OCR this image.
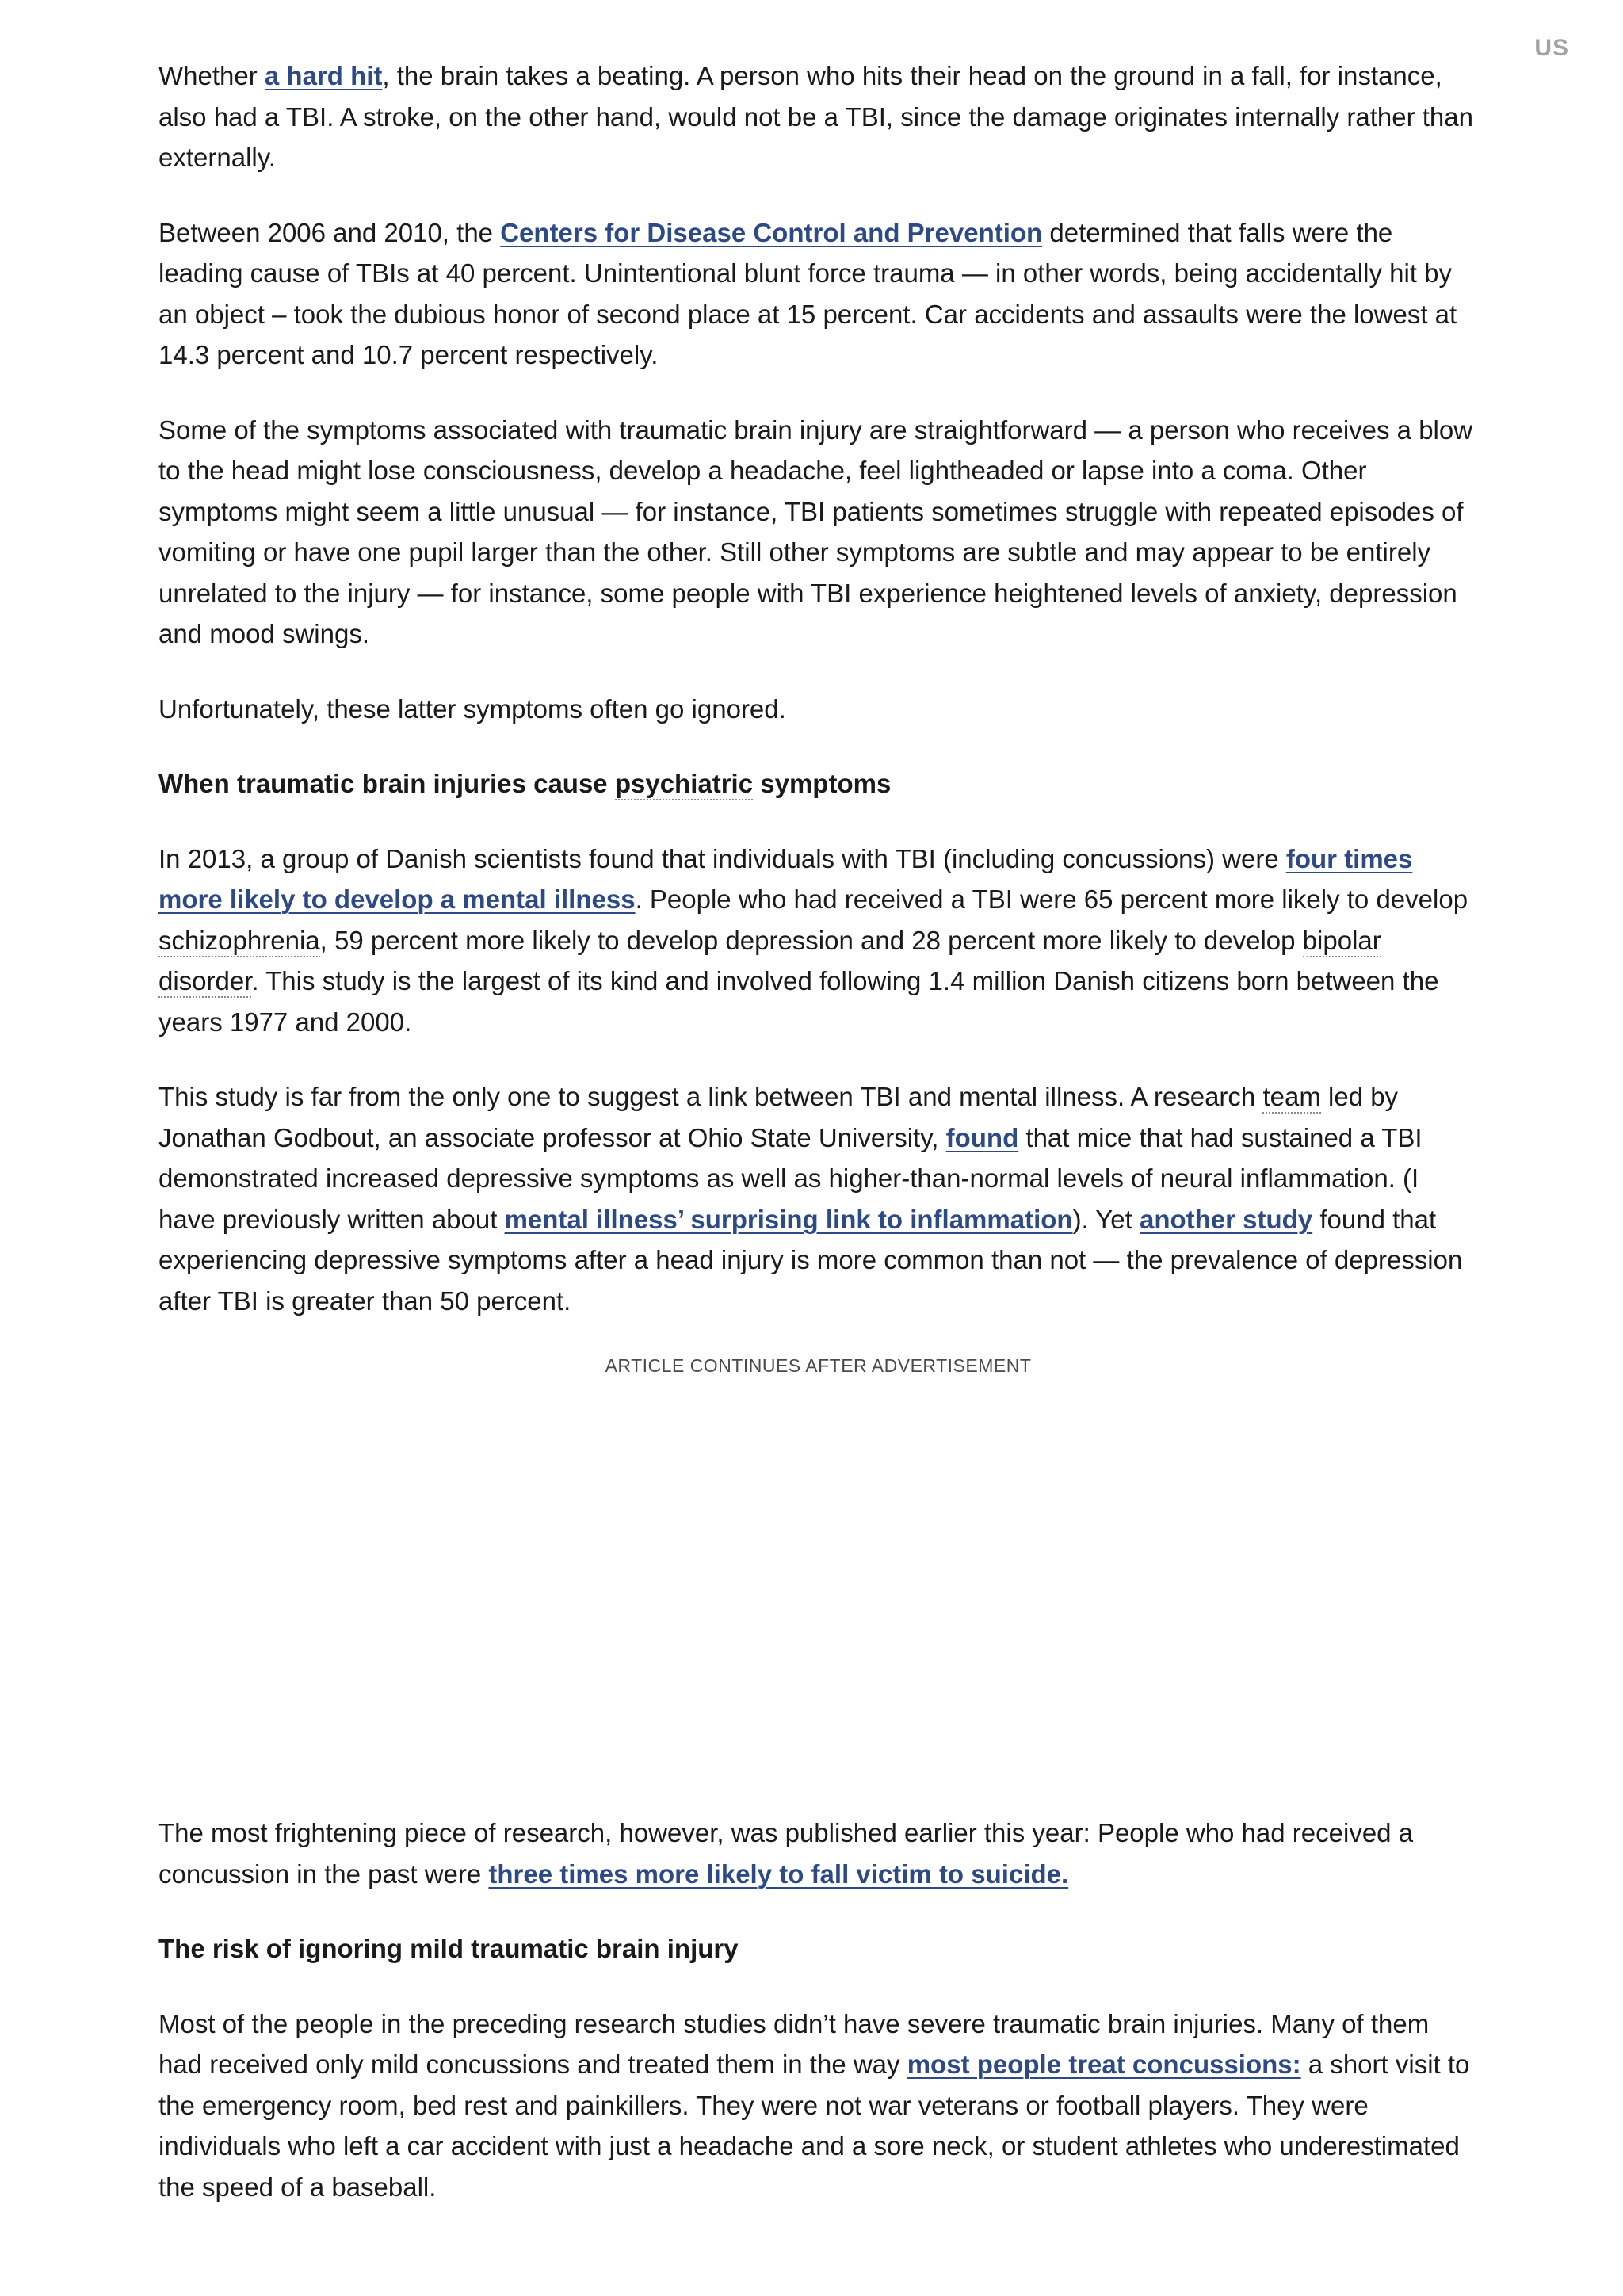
US

Whether a hard hit, the brain takes a beating. A person who hits their head on the ground in a fall, for instance, also had a TBI. A stroke, on the other hand, would not be a TBI, since the damage originates internally rather than externally.

Between 2006 and 2010, the Centers for Disease Control and Prevention determined that falls were the leading cause of TBIs at 40 percent. Unintentional blunt force trauma — in other words, being accidentally hit by an object – took the dubious honor of second place at 15 percent. Car accidents and assaults were the lowest at 14.3 percent and 10.7 percent respectively.

Some of the symptoms associated with traumatic brain injury are straightforward — a person who receives a blow to the head might lose consciousness, develop a headache, feel lightheaded or lapse into a coma. Other symptoms might seem a little unusual — for instance, TBI patients sometimes struggle with repeated episodes of vomiting or have one pupil larger than the other. Still other symptoms are subtle and may appear to be entirely unrelated to the injury — for instance, some people with TBI experience heightened levels of anxiety, depression and mood swings.

Unfortunately, these latter symptoms often go ignored.

When traumatic brain injuries cause psychiatric symptoms

In 2013, a group of Danish scientists found that individuals with TBI (including concussions) were four times more likely to develop a mental illness. People who had received a TBI were 65 percent more likely to develop schizophrenia, 59 percent more likely to develop depression and 28 percent more likely to develop bipolar disorder. This study is the largest of its kind and involved following 1.4 million Danish citizens born between the years 1977 and 2000.

This study is far from the only one to suggest a link between TBI and mental illness. A research team led by Jonathan Godbout, an associate professor at Ohio State University, found that mice that had sustained a TBI demonstrated increased depressive symptoms as well as higher-than-normal levels of neural inflammation. (I have previously written about mental illness’ surprising link to inflammation). Yet another study found that experiencing depressive symptoms after a head injury is more common than not — the prevalence of depression after TBI is greater than 50 percent.

ARTICLE CONTINUES AFTER ADVERTISEMENT

The most frightening piece of research, however, was published earlier this year: People who had received a concussion in the past were three times more likely to fall victim to suicide.

The risk of ignoring mild traumatic brain injury

Most of the people in the preceding research studies didn’t have severe traumatic brain injuries. Many of them had received only mild concussions and treated them in the way most people treat concussions: a short visit to the emergency room, bed rest and painkillers. They were not war veterans or football players. They were individuals who left a car accident with just a headache and a sore neck, or student athletes who underestimated the speed of a baseball.
